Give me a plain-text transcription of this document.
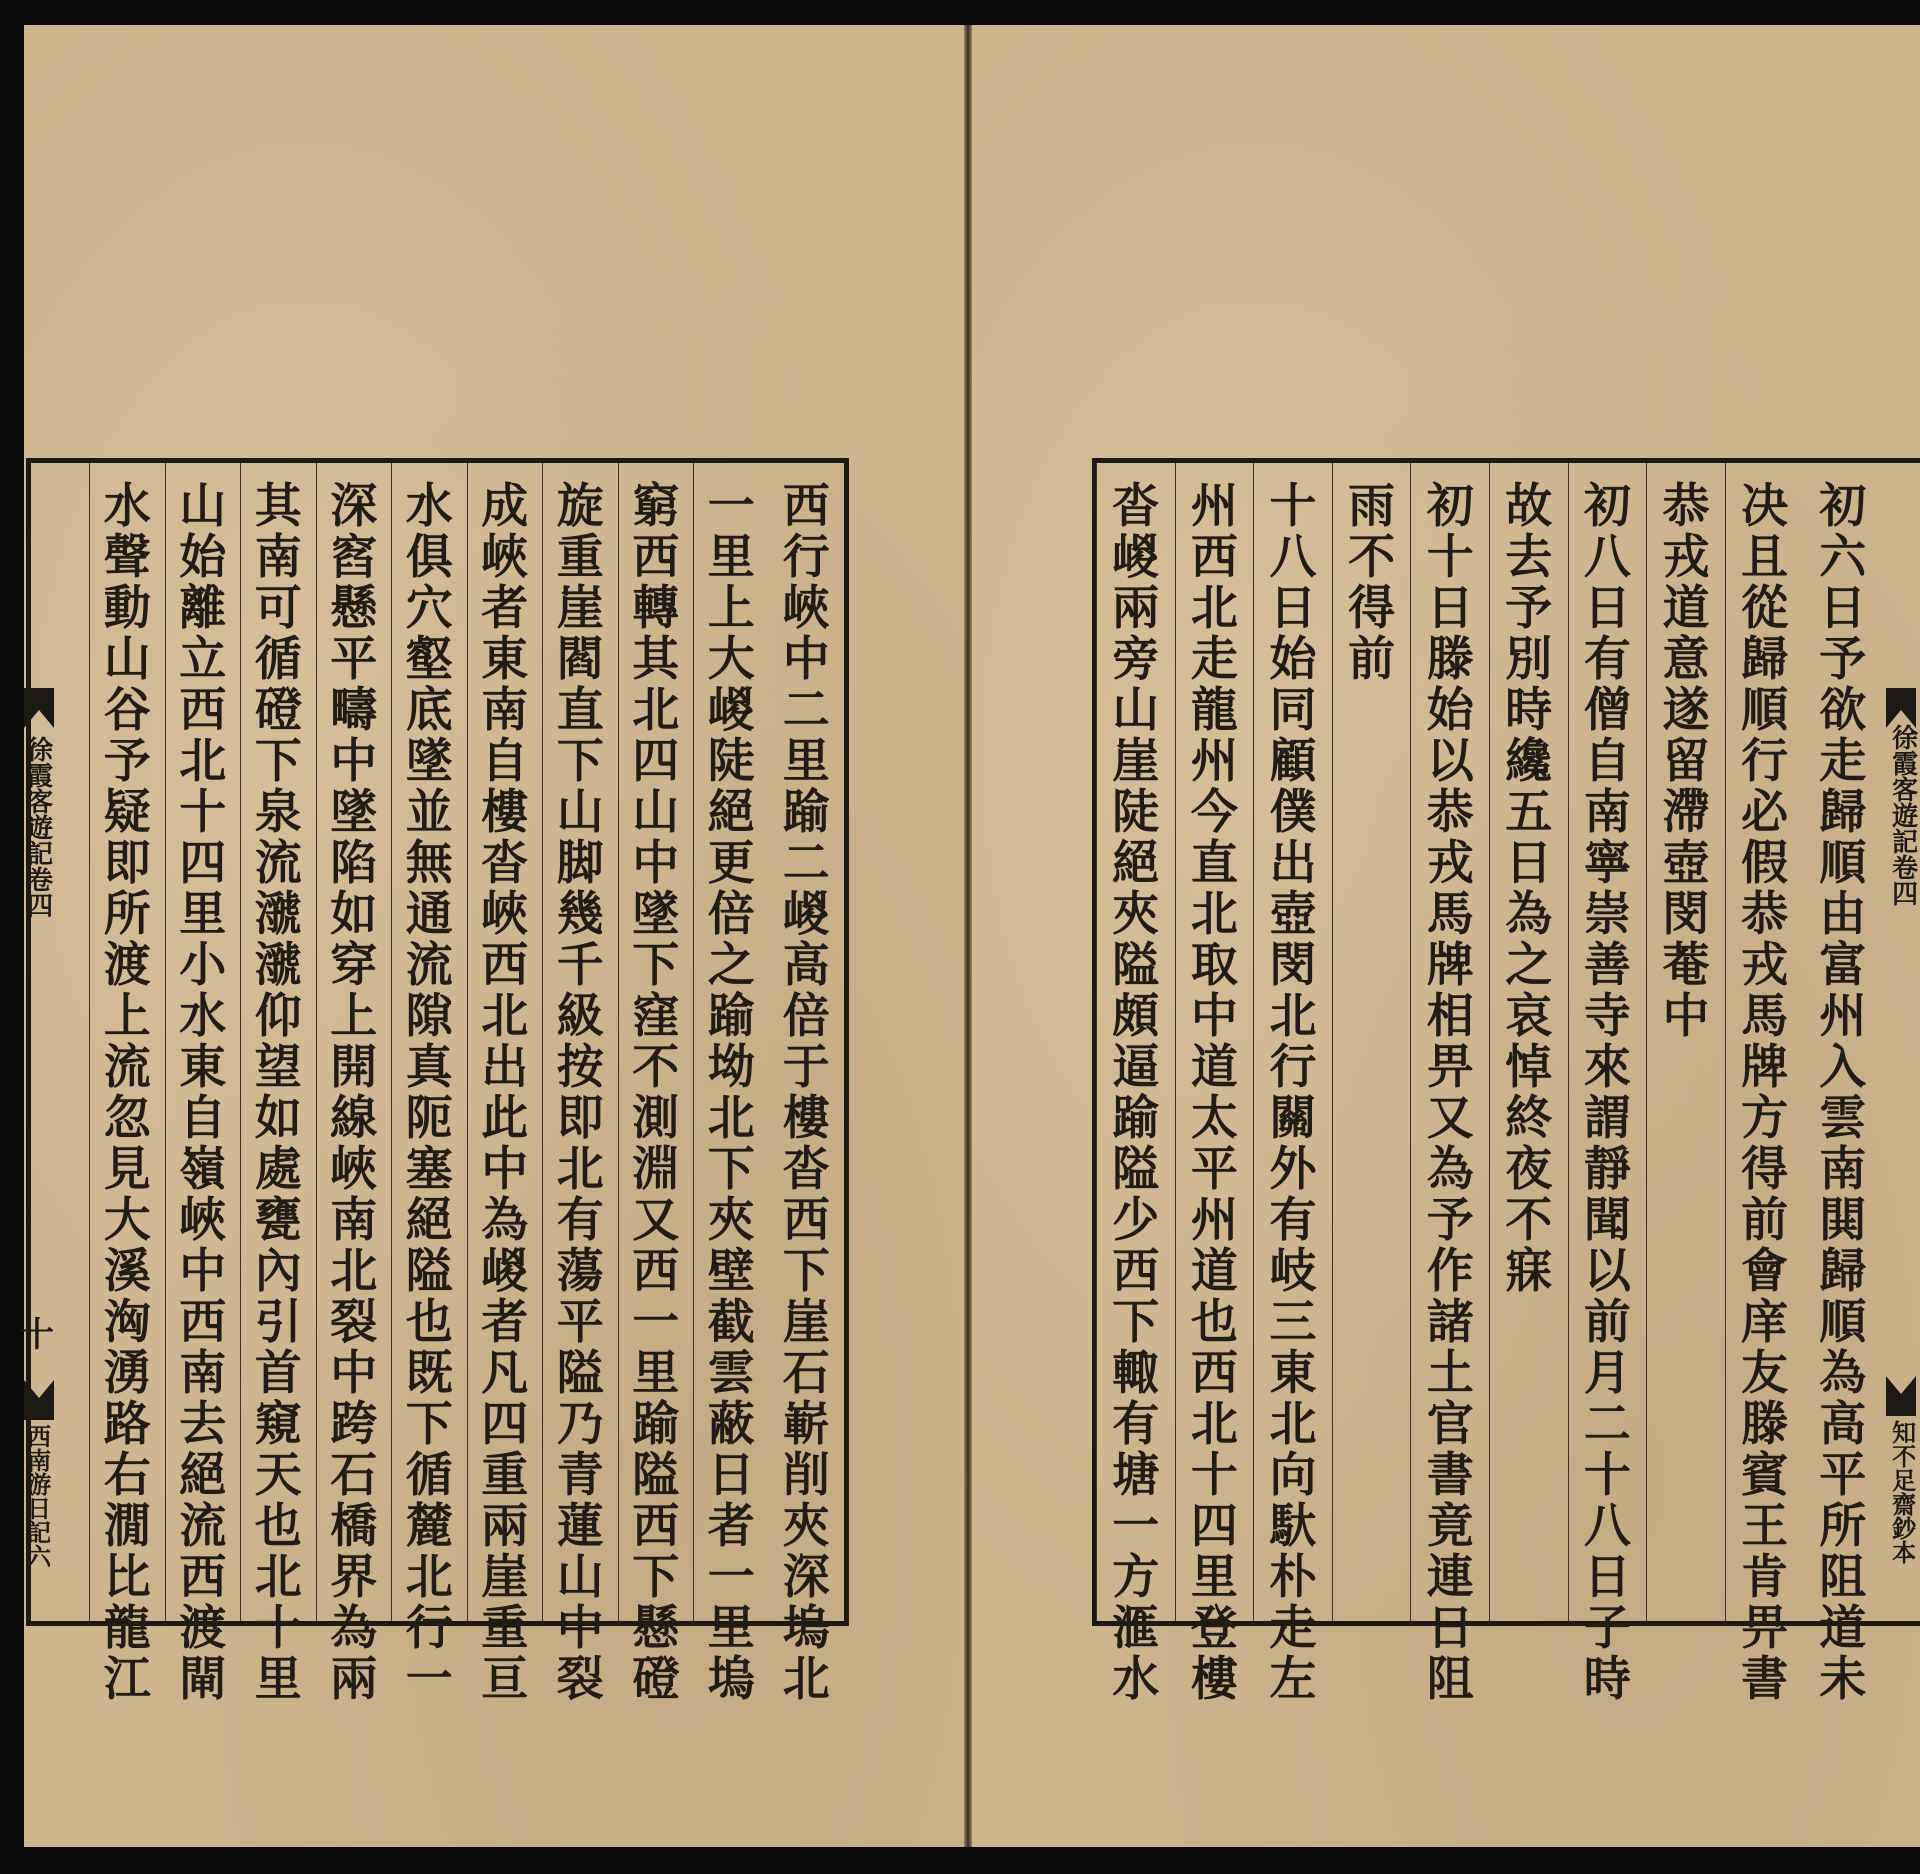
西
行
峽
中
二
里
踰
二
嵕
高
倍
于
樓
沓
西
下
崖
石
嶄
削
夾
深
塢
北
一
里
上
大
嵕
陡
絕
更
倍
之
踰
坳
北
下
夾
壁
截
雲
蔽
日
者
一
里
塢
窮
西
轉
其
北
四
山
中
墜
下
窪
不
測
淵
又
西
一
里
踰
隘
西
下
懸
磴
旋
重
崖
閻
直
下
山
脚
幾
千
級
按
即
北
有
蕩
平
隘
乃
青
蓮
山
中
裂
成
峽
者
東
南
自
樓
沓
峽
西
北
出
此
中
為
嵕
者
凡
四
重
兩
崖
重
亘
水
俱
穴
壑
底
墜
並
無
通
流
隙
真
阨
塞
絕
隘
也
既
下
循
麓
北
行
一
深
窞
懸
平
疇
中
墜
陷
如
穿
上
開
線
峽
南
北
裂
中
跨
石
橋
界
為
兩
其
南
可
循
磴
下
泉
流
㶁
㶁
仰
望
如
處
甕
內
引
首
窺
天
也
北
十
里
山
始
離
立
西
北
十
四
里
小
水
東
自
嶺
峽
中
西
南
去
絕
流
西
渡
閘
水
聲
動
山
谷
予
疑
即
所
渡
上
流
忽
見
大
溪
洶
湧
路
右
㵎
比
龍
江
初
六
日
予
欲
走
歸
順
由
富
州
入
雲
南
閧
歸
順
為
高
平
所
阻
道
未
决
且
從
歸
順
行
必
假
恭
戎
馬
牌
方
得
前
會
庠
友
滕
賓
王
肯
畀
書
恭
戎
道
意
遂
留
滯
壺
閔
菴
中
初
八
日
有
僧
自
南
寧
崇
善
寺
來
謂
靜
聞
以
前
月
二
十
八
日
子
時
故
去
予
別
時
纔
五
日
為
之
哀
悼
終
夜
不
寐
初
十
日
滕
始
以
恭
戎
馬
牌
相
畀
又
為
予
作
諸
土
官
書
竟
連
日
阻
雨
不
得
前
十
八
日
始
同
顧
僕
出
壺
閔
北
行
關
外
有
岐
三
東
北
向
馱
朴
走
左
州
西
北
走
龍
州
今
直
北
取
中
道
太
平
州
道
也
西
北
十
四
里
登
樓
沓
嵕
兩
旁
山
崖
陡
絕
夾
隘
頗
逼
踰
隘
少
西
下
輙
有
塘
一
方
滙
水
徐霞客遊記卷四
十
西南游日記六
徐霞客遊記卷四
知不足齋鈔本
